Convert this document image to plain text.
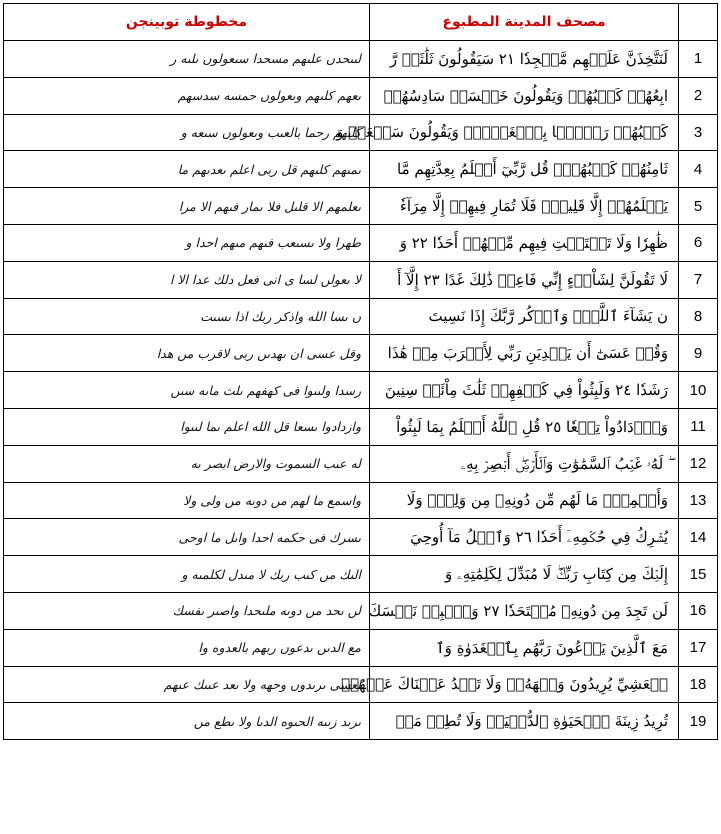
مخطوطة توبينجن	مصحف المدينة المطبوع	
لىىحدں علىهم مسحدا سىعولوں ىلىه ر	لَنَتَّخِذَنَّ عَلَيۡهِم مَّسۡجِدٗا ٢١ سَيَقُولُونَ ثَلَٰثَةٞ رَّ	1
ىعهم كلىهم وىعولوں حمسه سدسهم	ابِعُهُمۡ كَلۡبُهُمۡ وَيَقُولُونَ خَمۡسَةٞ سَادِسُهُمۡ	2
كلىهم رحما بالعىب وىعولوں سىعه و	كَلۡبُهُمۡ رَجۡمَۢا بِٱلۡغَيۡبِۖ وَيَقُولُونَ سَبۡعَةٞ وَ	3
ىمىهم كلىهم قل ربى اعلم ىعدىهم ما	ثَامِنُهُمۡ كَلۡبُهُمۡۚ قُل رَّبِّيٓ أَعۡلَمُ بِعِدَّتِهِم مَّا	4
ىعلمهم الا قلىل فلا ىمار فىهم الا مرا	يَعۡلَمُهُمۡ إِلَّا قَلِيلٞۗ فَلَا تُمَارِ فِيهِمۡ إِلَّا مِرَآءٗ	5
طهرا ولا ىسىعب فىهم مىهم احدا و	ظَٰهِرٗا وَلَا تَسۡتَفۡتِ فِيهِم مِّنۡهُمۡ أَحَدٗا ٢٢ وَ	6
لا ىعولں لسا ى انى فعل دلك عدا الا ا	لَا تَقُولَنَّ لِشَاْيۡءٍ إِنِّي فَاعِلٞ ذَٰلِكَ غَدًا ٢٣ إِلَّآ أَ	7
ں ىسا الله واذكر ربك اذا ىسىت	ن يَشَآءَ ٱللَّهُۚ وَٱذۡكُر رَّبَّكَ إِذَا نَسِيتَ	8
وقل عسى ان ىهدىں ربى لاقرب مں هدا	وَقُلۡ عَسَىٰٓ أَن يَهۡدِيَنِ رَبِّي لِأَقۡرَبَ مِنۡ هَٰذَا	9
رسدا ولىىوا فى كهفهم ىلث ماىه سىں	رَشَدٗا ٢٤ وَلَبِثُواْ فِي كَهۡفِهِمۡ ثَلَٰثَ مِاْئَةٖ سِنِينَ	10
وازدادوا ىسعا قل الله اعلم ىما لىىوا	وَٱزۡدَادُواْ تِسۡعٗا ٢٥ قُلِ ٱللَّهُ أَعۡلَمُ بِمَا لَبِثُواْ	11
له عىب السموت والارض ابصر ىه	ۖ لَهُۥ غَيۡبُ ٱلسَّمَٰوَٰتِ وَٱلۡأَرۡضِۖ أَبۡصِرۡ بِهِۦ	12
واسمع ما لهم مں دوىه مں ولى ولا	وَأَسۡمِعۡۚ مَا لَهُم مِّن دُونِهِۦ مِن وَلِيّٖ وَلَا	13
ىسرك فى حكمه احدا واىل ما اوحى	يُشۡرِكُ فِي حُكۡمِهِۦٓ أَحَدٗا ٢٦ وَٱتۡلُ مَآ أُوحِيَ	14
الىك مں كىب ربك لا مىدل لكلمىه و	إِلَيۡكَ مِن كِتَابِ رَبِّكَۖ لَا مُبَدِّلَ لِكَلِمَٰتِهِۦ وَ	15
لں ىحد مں دوىه ملىحدا واصىر ىفسك	لَن تَجِدَ مِن دُونِهِۦ مُلۡتَحَدٗا ٢٧ وَٱصۡبِرۡ نَفۡسَكَ	16
مع الدىں ىدعوں ربهم بالعدوه وا	مَعَ ٱلَّذِينَ يَدۡعُونَ رَبَّهُم بِٱلۡغَدَوٰةِ وَٱ	17
لعسى ىرىدوں وحهه ولا ىعد عىىك عىهم	لۡعَشِيِّ يُرِيدُونَ وَجۡهَهُۥۖ وَلَا تَعۡدُ عَيۡنَاكَ عَنۡهُمۡ	18
ىرىد زىىه الحىوه الدىا ولا ىطع مں	تُرِيدُ زِينَةَ ٱلۡحَيَوٰةِ ٱلدُّنۡيَاۖ وَلَا تُطِعۡ مَنۡ	19
